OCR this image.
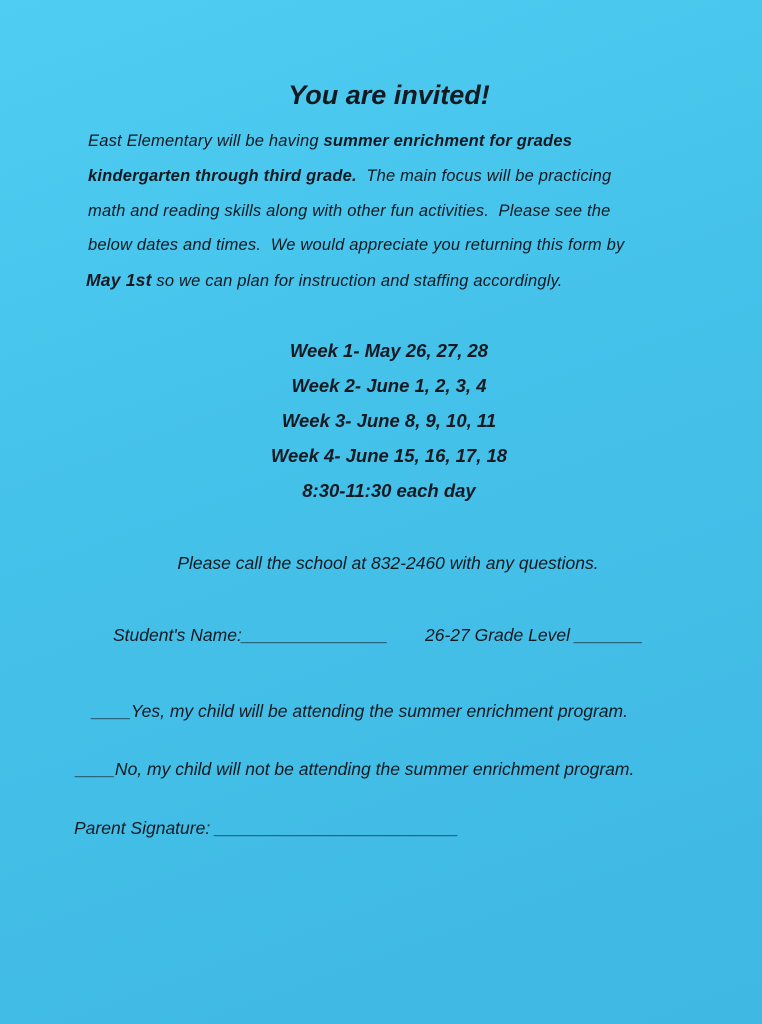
You are invited!
East Elementary will be having summer enrichment for grades
kindergarten through third grade.  The main focus will be practicing
math and reading skills along with other fun activities.  Please see the
below dates and times.  We would appreciate you returning this form by
May 1st so we can plan for instruction and staffing accordingly.
Week 1- May 26, 27, 28
Week 2- June 1, 2, 3, 4
Week 3- June 8, 9, 10, 11
Week 4- June 15, 16, 17, 18
8:30-11:30 each day
Please call the school at 832-2460 with any questions.
Student's Name:_______________ 26-27 Grade Level _______
____Yes, my child will be attending the summer enrichment program.
____No, my child will not be attending the summer enrichment program.
Parent Signature: _________________________
